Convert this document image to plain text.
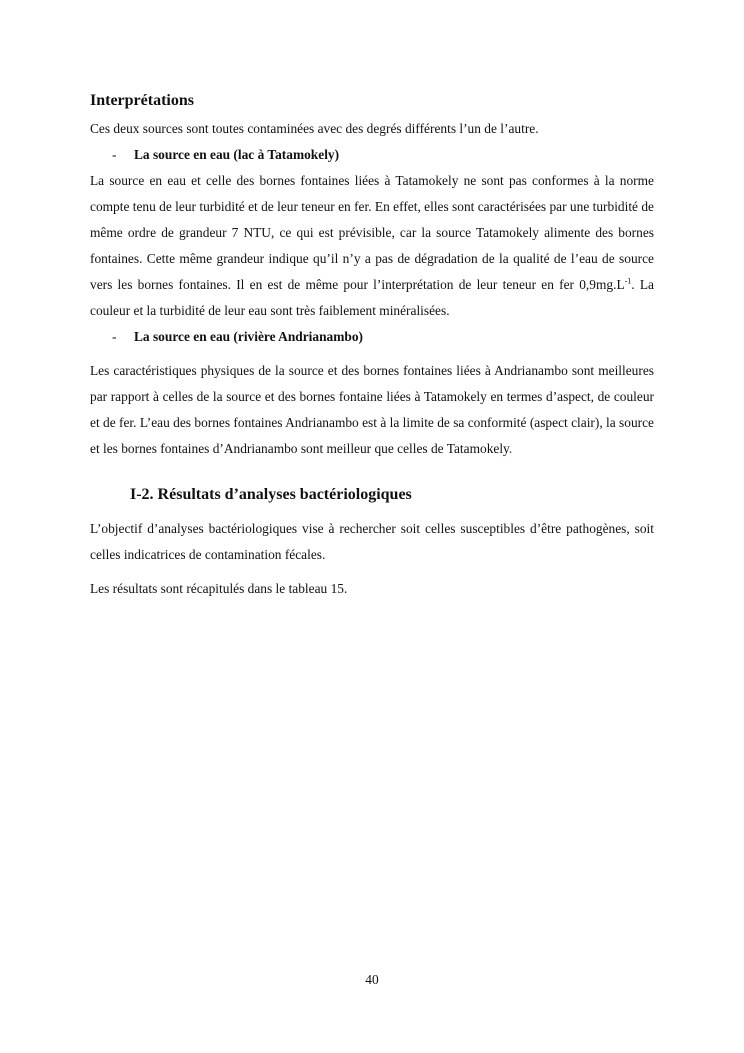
Interprétations

Ces deux sources sont toutes contaminées avec des degrés différents l’un de l’autre.

-	La source en eau (lac à Tatamokely)

La source en eau et celle des bornes fontaines liées à Tatamokely ne sont pas conformes à la norme compte tenu de leur turbidité et de leur teneur en fer. En effet, elles sont caractérisées par une turbidité de même ordre de grandeur 7 NTU, ce qui est prévisible, car la source Tatamokely alimente des bornes fontaines. Cette même grandeur indique qu’il n’y a pas de dégradation de la qualité de l’eau de source vers les bornes fontaines. Il en est de même pour l’interprétation de leur teneur en fer $0,9mg.L^{-1}$. La couleur et la turbidité de leur eau sont très faiblement minéralisées.

-	La source en eau (rivière Andrianambo)

Les caractéristiques physiques de la source et des bornes fontaines liées à Andrianambo sont meilleures par rapport à celles de la source et des bornes fontaine liées à Tatamokely en termes d’aspect, de couleur et de fer. L’eau des bornes fontaines Andrianambo est à la limite de sa conformité (aspect clair), la source et les bornes fontaines d’Andrianambo sont meilleur que celles de Tatamokely.

I-2. Résultats d’analyses bactériologiques

L’objectif d’analyses bactériologiques vise à rechercher soit celles susceptibles d’être pathogènes, soit celles indicatrices de contamination fécales.

Les résultats sont récapitulés dans le tableau 15.

40
